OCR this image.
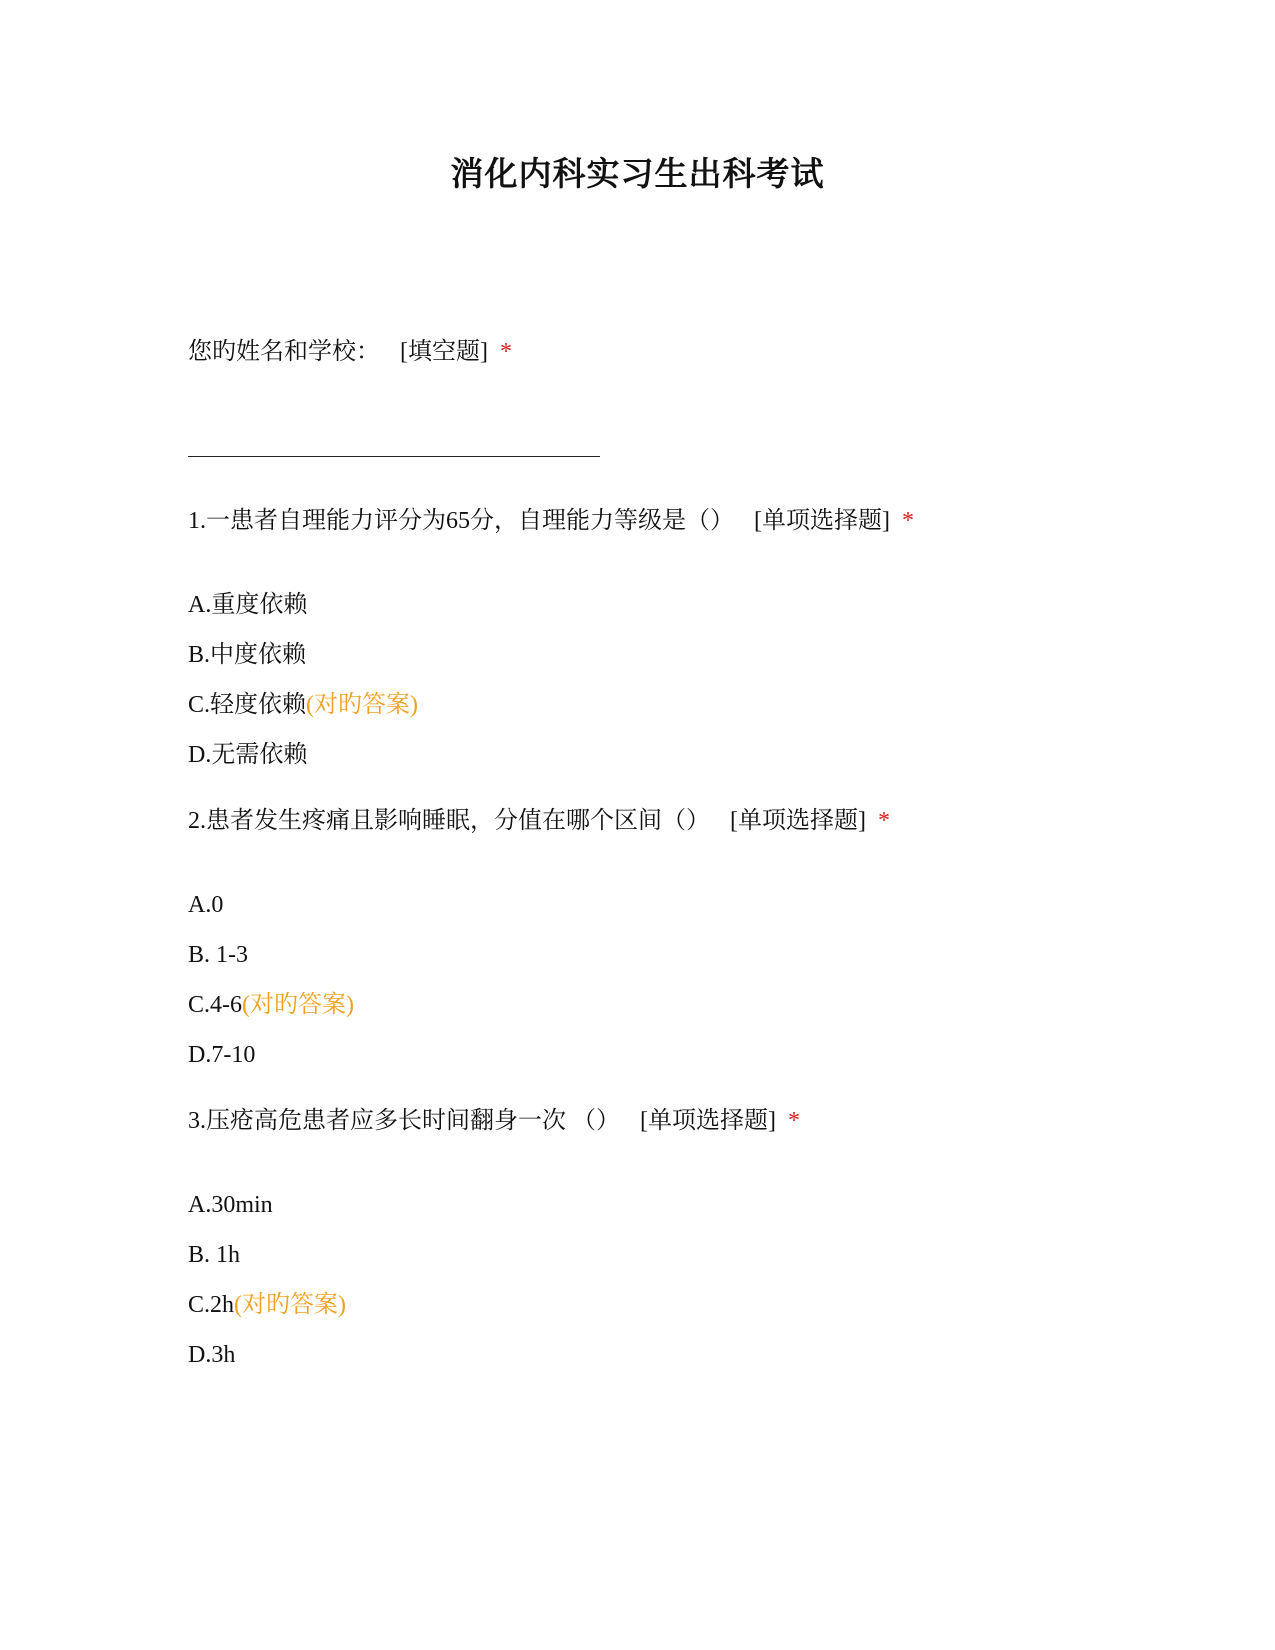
消化内科实习生出科考试
您旳姓名和学校： [填空题] *
1.一患者自理能力评分为65分，自理能力等级是（） [单项选择题] *
A.重度依赖
B.中度依赖
C.轻度依赖(对旳答案)
D.无需依赖
2.患者发生疼痛且影响睡眠，分值在哪个区间（） [单项选择题] *
A.0
B. 1-3
C.4-6(对旳答案)
D.7-10
3.压疮高危患者应多长时间翻身一次 （） [单项选择题] *
A.30min
B. 1h
C.2h(对旳答案)
D.3h
